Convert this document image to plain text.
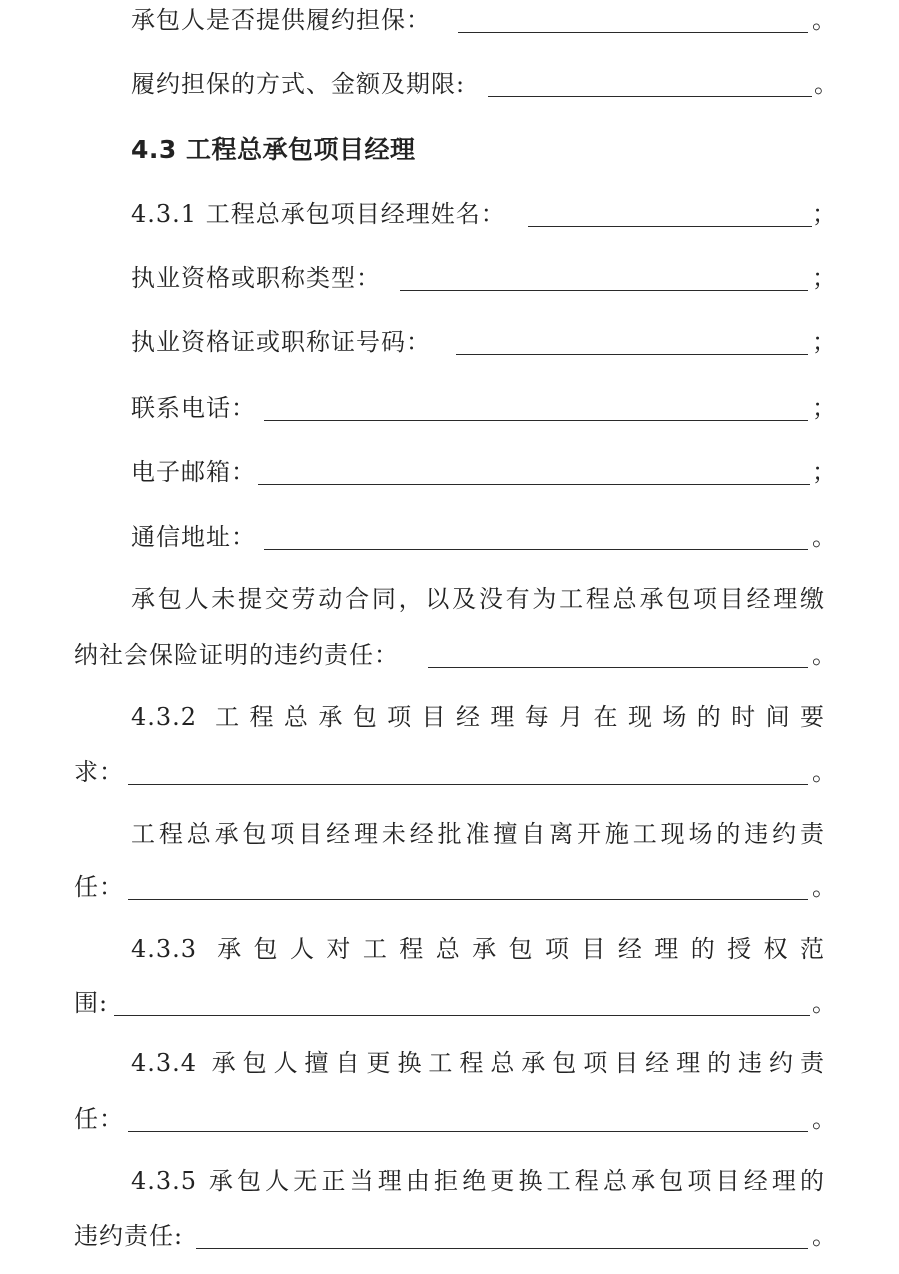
承包人是否提供履约担保：	。
履约担保的方式、金额及期限:	。
4.3 工程总承包项目经理
4.3.1 工程总承包项目经理姓名：	；
执业资格或职称类型：	；
执业资格证或职称证号码：	；
联系电话：	；
电子邮箱：	；
通信地址：	。
承包人未提交劳动合同，以及没有为工程总承包项目经理缴
纳社会保险证明的违约责任：	。
4.3.2 工程总承包项目经理每月在现场的时间要
求：	。
工程总承包项目经理未经批准擅自离开施工现场的违约责
任：	。
4.3.3 承包人对工程总承包项目经理的授权范
围:	。
4.3.4 承包人擅自更换工程总承包项目经理的违约责
任：	。
4.3.5 承包人无正当理由拒绝更换工程总承包项目经理的
违约责任:	。
